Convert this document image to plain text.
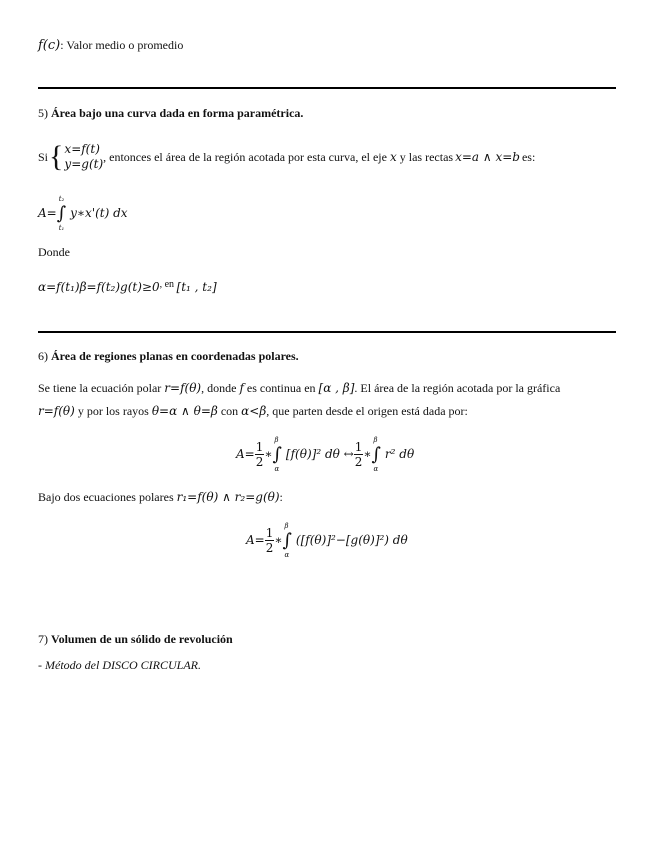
f(c): Valor medio o promedio
5) Área bajo una curva dada en forma paramétrica.
Si { x=f(t)
y=g(t)
, entonces el área de la región acotada por esta curva, el eje x y las rectas x=a ∧ x=b es:
A= ∫
t₂
t₁
y∗x'(t) dx
Donde
$\alpha=f(t_1)\beta=f(t_2)g(t)\ge 0^{, en}$ [t₁ , t₂]
6) Área de regiones planas en coordenadas polares.
Se tiene la ecuación polar r=f(θ), donde f es continua en [α , β]. El área de la región acotada por la gráfica
r=f(θ) y por los rayos θ=α ∧ θ=β con α<β, que parten desde el origen está dada por:
$A= \frac{1}{2}$ ∗ ∫
β
α
[f(θ)]² dθ ↔ $\frac{1}{2}$ ∗ ∫
β
α
r² dθ
Bajo dos ecuaciones polares r₁=f(θ) ∧ r₂=g(θ):
$A= \frac{1}{2}$ ∗ ∫
β
α
([f(θ)]²−[g(θ)]²) dθ
7) Volumen de un sólido de revolución
- Método del DISCO CIRCULAR.
